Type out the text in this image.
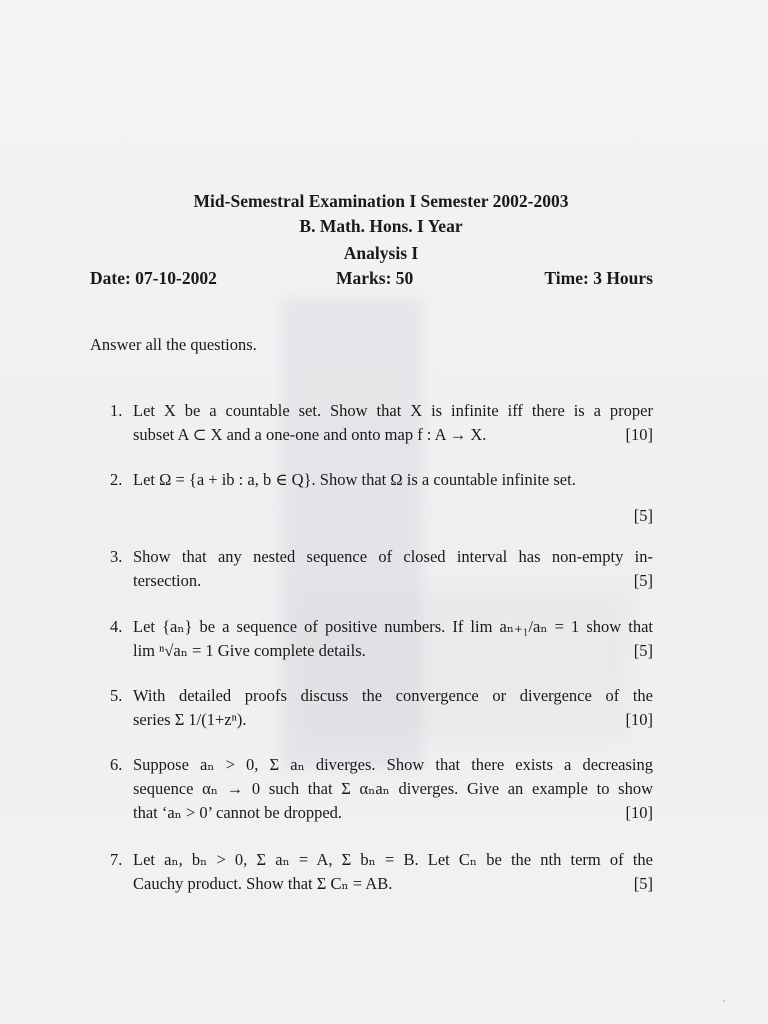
Mid-Semestral Examination I Semester 2002-2003
B. Math. Hons. I Year
Analysis I
Date: 07-10-2002	Marks: 50	Time: 3 Hours
Answer all the questions.
1. Let X be a countable set. Show that X is infinite iff there is a proper
subset A ⊂ X and a one-one and onto map f : A → X.	[10]
2. Let Ω = {a + ib : a, b ∈ Q}. Show that Ω is a countable infinite set.
[5]
3. Show that any nested sequence of closed interval has non-empty in-
tersection.	[5]
4. Let {aₙ} be a sequence of positive numbers. If lim aₙ₊₁/aₙ = 1 show that
lim ⁿ√aₙ = 1 Give complete details.	[5]
5. With detailed proofs discuss the convergence or divergence of the
series Σ 1/(1+zⁿ).	[10]
6. Suppose aₙ > 0, Σ aₙ diverges. Show that there exists a decreasing
sequence αₙ → 0 such that Σ αₙaₙ diverges. Give an example to show
that ‘aₙ > 0’ cannot be dropped.	[10]
7. Let aₙ, bₙ > 0, Σ aₙ = A, Σ bₙ = B. Let Cₙ be the nth term of the
Cauchy product. Show that Σ Cₙ = AB.	[5]
